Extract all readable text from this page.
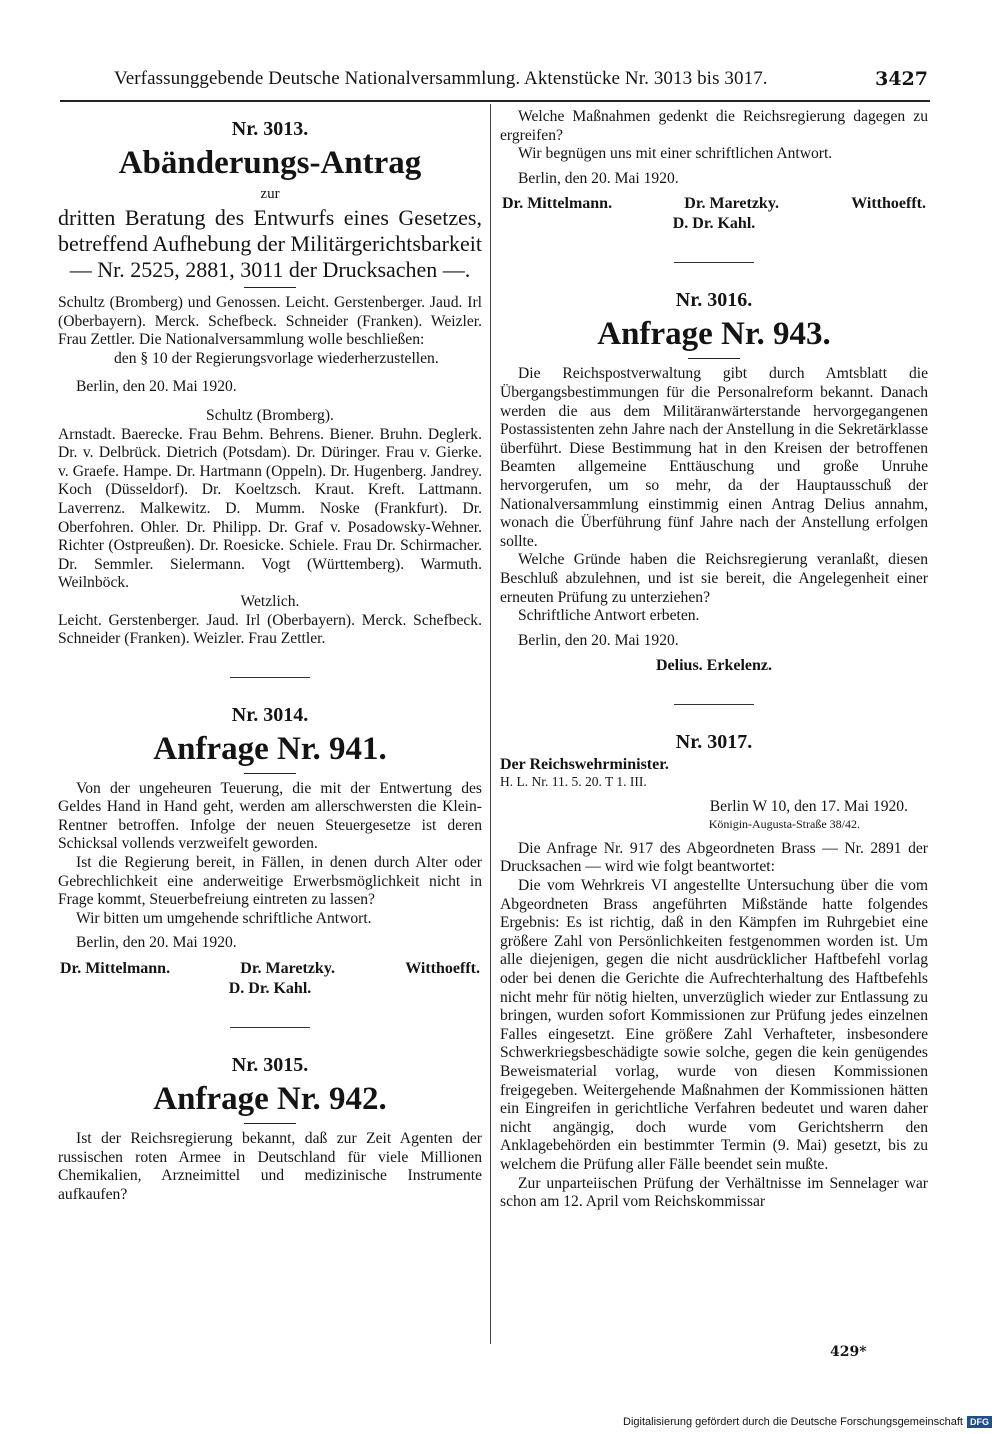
Verfassunggebende Deutsche Nationalversammlung. Aktenstücke Nr. 3013 bis 3017.	3427
Nr. 3013.
Abänderungs-Antrag
zur
dritten Beratung des Entwurfs eines Gesetzes, betreffend Aufhebung der Militärgerichtsbarkeit — Nr. 2525, 2881, 3011 der Drucksachen —.

Schultz (Bromberg) und Genossen. Leicht. Gerstenberger. Jaud. Irl (Oberbayern). Merck. Schefbeck. Schneider (Franken). Weizler. Frau Zettler. Die Nationalversammlung wolle beschließen:

den § 10 der Regierungsvorlage wiederherzustellen.

Berlin, den 20. Mai 1920.

Schultz (Bromberg).

Arnstadt. Baerecke. Frau Behm. Behrens. Biener. Bruhn. Deglerk. Dr. v. Delbrück. Dietrich (Potsdam). Dr. Düringer. Frau v. Gierke. v. Graefe. Hampe. Dr. Hartmann (Oppeln). Dr. Hugenberg. Jandrey. Koch (Düsseldorf). Dr. Koeltzsch. Kraut. Kreft. Lattmann. Laverrenz. Malkewitz. D. Mumm. Noske (Frankfurt). Dr. Oberfohren. Ohler. Dr. Philipp. Dr. Graf v. Posadowsky-Wehner. Richter (Ostpreußen). Dr. Roesicke. Schiele. Frau Dr. Schirmacher. Dr. Semmler. Sielermann. Vogt (Württemberg). Warmuth. Weilnböck.

Wetzlich.

Leicht. Gerstenberger. Jaud. Irl (Oberbayern). Merck. Schefbeck. Schneider (Franken). Weizler. Frau Zettler.

Nr. 3014.
Anfrage Nr. 941.

Von der ungeheuren Teuerung, die mit der Entwertung des Geldes Hand in Hand geht, werden am allerschwersten die Klein-Rentner betroffen. Infolge der neuen Steuergesetze ist deren Schicksal vollends verzweifelt geworden.

Ist die Regierung bereit, in Fällen, in denen durch Alter oder Gebrechlichkeit eine anderweitige Erwerbsmöglichkeit nicht in Frage kommt, Steuerbefreiung eintreten zu lassen?

Wir bitten um umgehende schriftliche Antwort.

Berlin, den 20. Mai 1920.
Dr. Mittelmann.	Dr. Maretzky.	Witthoefft.

D. Dr. Kahl.

Nr. 3015.
Anfrage Nr. 942.

Ist der Reichsregierung bekannt, daß zur Zeit Agenten der russischen roten Armee in Deutschland für viele Millionen Chemikalien, Arzneimittel und medizinische Instrumente aufkaufen?

Welche Maßnahmen gedenkt die Reichsregierung dagegen zu ergreifen?

Wir begnügen uns mit einer schriftlichen Antwort.

Berlin, den 20. Mai 1920.
Dr. Mittelmann.	Dr. Maretzky.	Witthoefft.

D. Dr. Kahl.

Nr. 3016.
Anfrage Nr. 943.

Die Reichspostverwaltung gibt durch Amtsblatt die Übergangsbestimmungen für die Personalreform bekannt. Danach werden die aus dem Militäranwärterstande hervorgegangenen Postassistenten zehn Jahre nach der Anstellung in die Sekretärklasse überführt. Diese Bestimmung hat in den Kreisen der betroffenen Beamten allgemeine Enttäuschung und große Unruhe hervorgerufen, um so mehr, da der Hauptausschuß der Nationalversammlung einstimmig einen Antrag Delius annahm, wonach die Überführung fünf Jahre nach der Anstellung erfolgen sollte.

Welche Gründe haben die Reichsregierung veranlaßt, diesen Beschluß abzulehnen, und ist sie bereit, die Angelegenheit einer erneuten Prüfung zu unterziehen?

Schriftliche Antwort erbeten.

Berlin, den 20. Mai 1920.

Delius. Erkelenz.

Nr. 3017.

Der Reichswehrminister.

H. L. Nr. 11. 5. 20. T 1. III.

Berlin W 10, den 17. Mai 1920.

Königin-Augusta-Straße 38/42.

Die Anfrage Nr. 917 des Abgeordneten Brass — Nr. 2891 der Drucksachen — wird wie folgt beantwortet:

Die vom Wehrkreis VI angestellte Untersuchung über die vom Abgeordneten Brass angeführten Mißstände hatte folgendes Ergebnis: Es ist richtig, daß in den Kämpfen im Ruhrgebiet eine größere Zahl von Persönlichkeiten festgenommen worden ist. Um alle diejenigen, gegen die nicht ausdrücklicher Haftbefehl vorlag oder bei denen die Gerichte die Aufrechterhaltung des Haftbefehls nicht mehr für nötig hielten, unverzüglich wieder zur Entlassung zu bringen, wurden sofort Kommissionen zur Prüfung jedes einzelnen Falles eingesetzt. Eine größere Zahl Verhafteter, insbesondere Schwerkriegsbeschädigte sowie solche, gegen die kein genügendes Beweismaterial vorlag, wurde von diesen Kommissionen freigegeben. Weitergehende Maßnahmen der Kommissionen hätten ein Eingreifen in gerichtliche Verfahren bedeutet und waren daher nicht angängig, doch wurde vom Gerichtsherrn den Anklagebehörden ein bestimmter Termin (9. Mai) gesetzt, bis zu welchem die Prüfung aller Fälle beendet sein mußte.

Zur unparteiischen Prüfung der Verhältnisse im Sennelager war schon am 12. April vom Reichskommissar

429*
Digitalisierung gefördert durch die Deutsche Forschungsgemeinschaft DFG
